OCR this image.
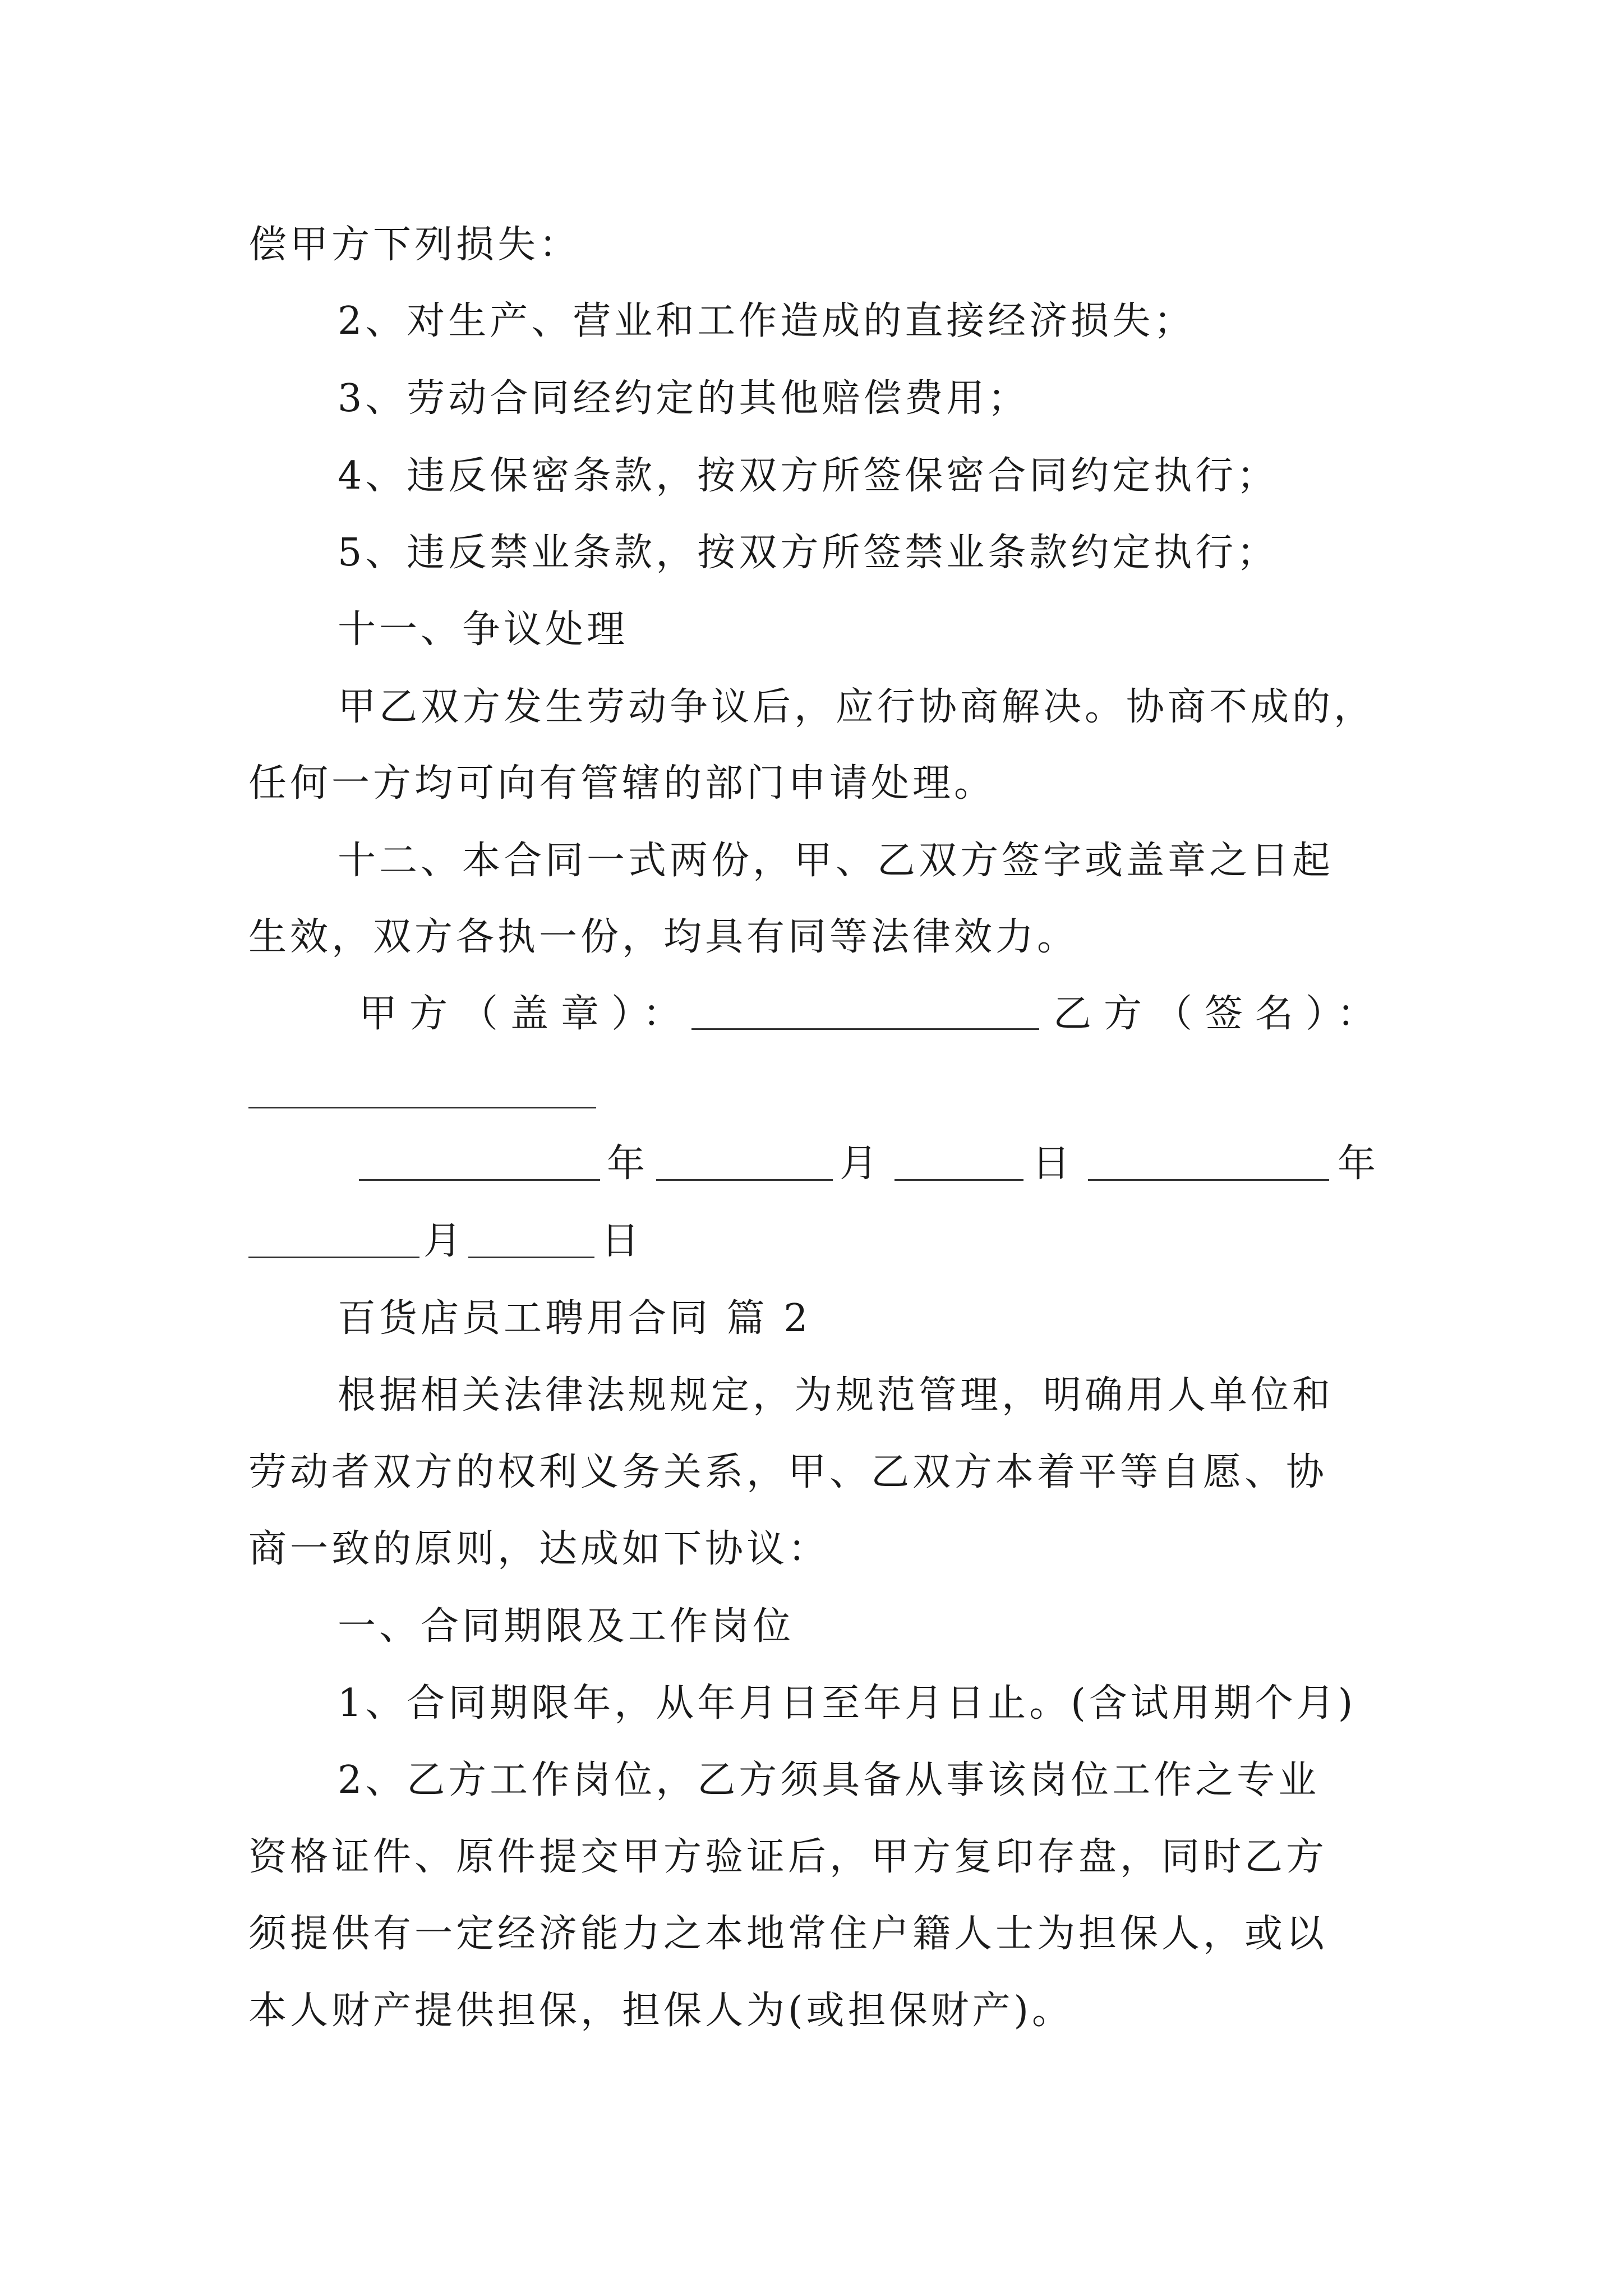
偿甲方下列损失：
2、对生产、营业和工作造成的直接经济损失；
3、劳动合同经约定的其他赔偿费用；
4、违反保密条款，按双方所签保密合同约定执行；
5、违反禁业条款，按双方所签禁业条款约定执行；
十一、争议处理
甲乙双方发生劳动争议后，应行协商解决。协商不成的，
任何一方均可向有管辖的部门申请处理。
十二、本合同一式两份，甲、乙双方签字或盖章之日起
生效，双方各执一份，均具有同等法律效力。
甲方（盖章）：	乙方（签名）：
年	月	日	年
月	日
百货店员工聘用合同 篇 2
根据相关法律法规规定，为规范管理，明确用人单位和
劳动者双方的权利义务关系，甲、乙双方本着平等自愿、协
商一致的原则，达成如下协议：
一、合同期限及工作岗位
1、合同期限年，从年月日至年月日止。(含试用期个月)
2、乙方工作岗位，乙方须具备从事该岗位工作之专业
资格证件、原件提交甲方验证后，甲方复印存盘，同时乙方
须提供有一定经济能力之本地常住户籍人士为担保人，或以
本人财产提供担保，担保人为(或担保财产)。
